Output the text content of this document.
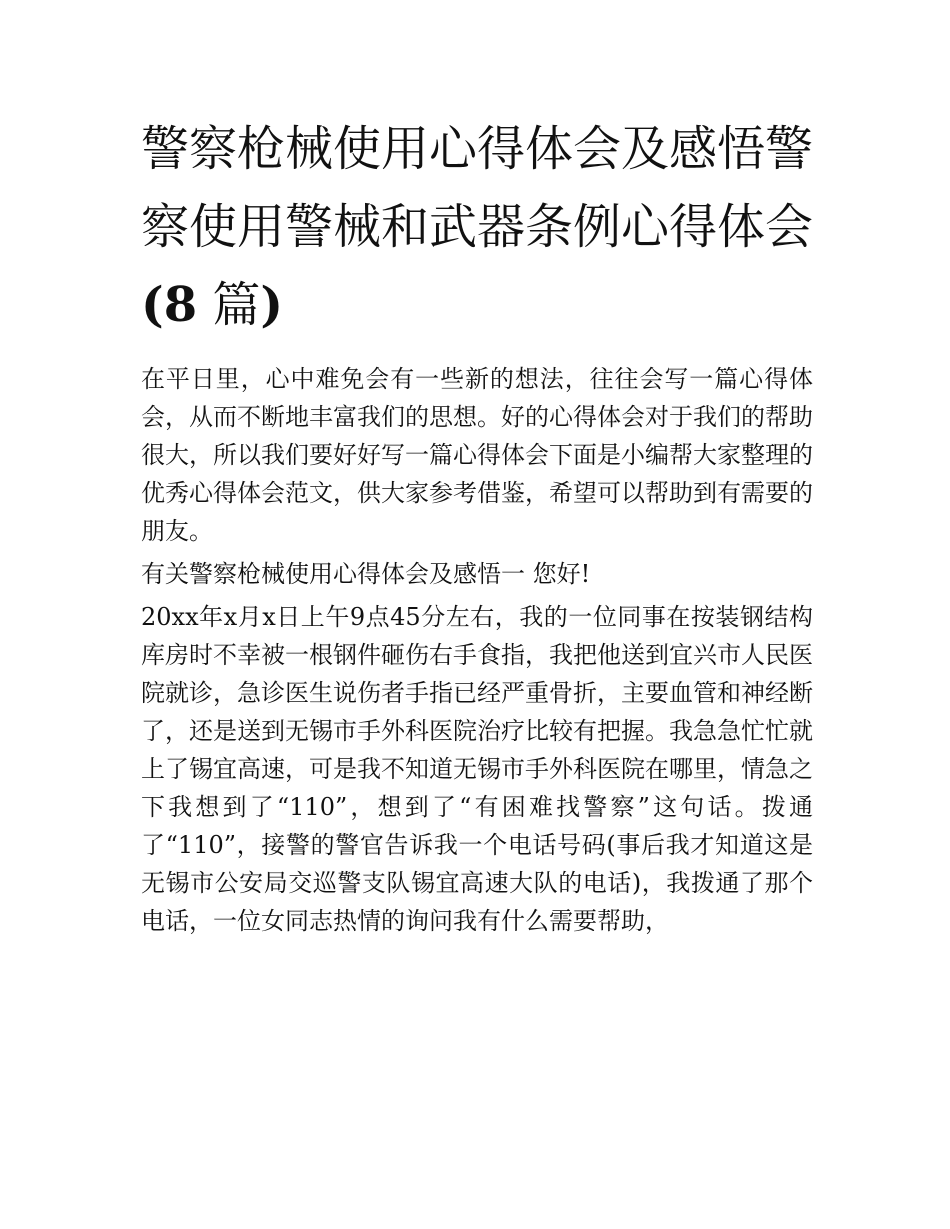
警察枪械使用心得体会及感悟警察使用警械和武器条例心得体会(8 篇)

在平日里，心中难免会有一些新的想法，往往会写一篇心得体会，从而不断地丰富我们的思想。好的心得体会对于我们的帮助很大，所以我们要好好写一篇心得体会下面是小编帮大家整理的优秀心得体会范文，供大家参考借鉴，希望可以帮助到有需要的朋友。

有关警察枪械使用心得体会及感悟一 您好!

20xx年x月x日上午9点45分左右，我的一位同事在按装钢结构库房时不幸被一根钢件砸伤右手食指，我把他送到宜兴市人民医院就诊，急诊医生说伤者手指已经严重骨折，主要血管和神经断了，还是送到无锡市手外科医院治疗比较有把握。我急急忙忙就上了锡宜高速，可是我不知道无锡市手外科医院在哪里，情急之下我想到了“110”，想到了“有困难找警察”这句话。拨通了“110”，接警的警官告诉我一个电话号码(事后我才知道这是无锡市公安局交巡警支队锡宜高速大队的电话)，我拨通了那个电话，一位女同志热情的询问我有什么需要帮助，
